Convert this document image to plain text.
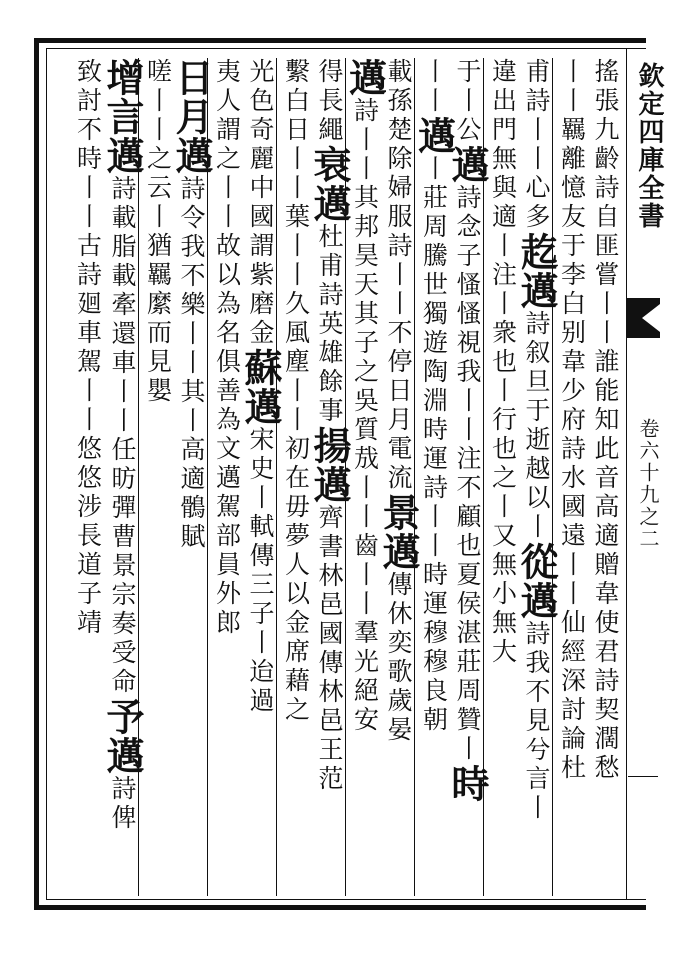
欽定四庫全書
卷六十九之二
搖張九齡詩自匪嘗丨丨誰能知此音高適贈韋使君詩契濶愁
丨丨羈離憶友于李白别韋少府詩水國遠丨丨仙經深討論杜
甫詩丨丨心多䞘邁詩叙旦于逝越以丨從邁詩我不見兮言丨
違出門無與適丨注丨衆也丨行也之丨又無小無大
于丨公邁詩念子慅慅視我丨丨注不顧也夏侯湛莊周贊丨時
丨丨邁丨莊周騰世獨遊陶淵時運詩丨丨時運穆穆良朝
載孫楚除婦服詩丨丨不停日月電流景邁傳休奕歌歲晏
邁詩丨丨其邦昊天其子之吳質㦲丨丨齒丨丨羣光絕安
得長繩衰邁杜甫詩英雄餘事揚邁齊書林邑國傳林邑王范
繫白日丨丨葉丨丨久風塵丨丨初在毋夢人以金席藉之
光色奇麗中國謂紫磨金蘇邁宋史丨軾傳三子丨迨過
夷人謂之丨丨故以為名俱善為文邁駕部員外郎
日月邁詩令我不樂丨丨其丨高適鶻賦
嗟丨丨之云丨猶羈縻而見嬰
增言邁詩載脂載牽還車丨丨任昉彈曹景宗奏受命予邁詩俾
致討不時丨丨古詩廻車駕丨丨悠悠涉長道子靖
